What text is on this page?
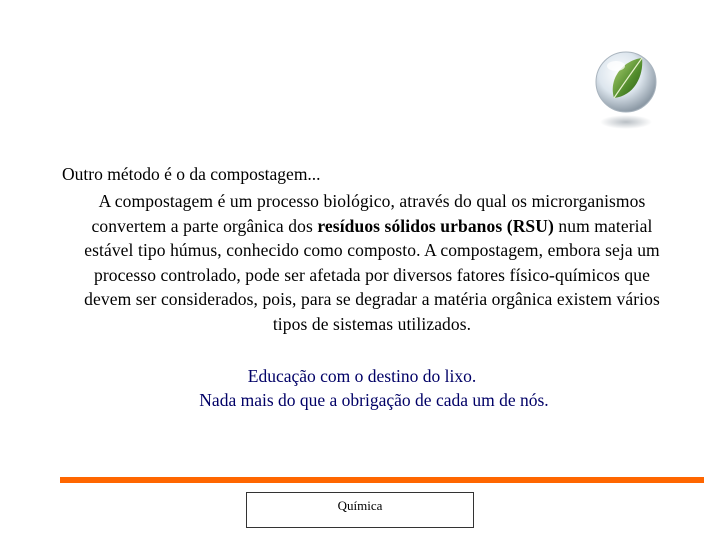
Outro método é o da compostagem...
A compostagem é um processo biológico, através do qual os microrganismos convertem a parte orgânica dos resíduos sólidos urbanos (RSU) num material estável tipo húmus, conhecido como composto. A compostagem, embora seja um processo controlado, pode ser afetada por diversos fatores físico-químicos que devem ser considerados, pois, para se degradar a matéria orgânica existem vários tipos de sistemas utilizados.
Educação com o destino do lixo.
Nada mais do que a obrigação de cada um de nós.
Química
